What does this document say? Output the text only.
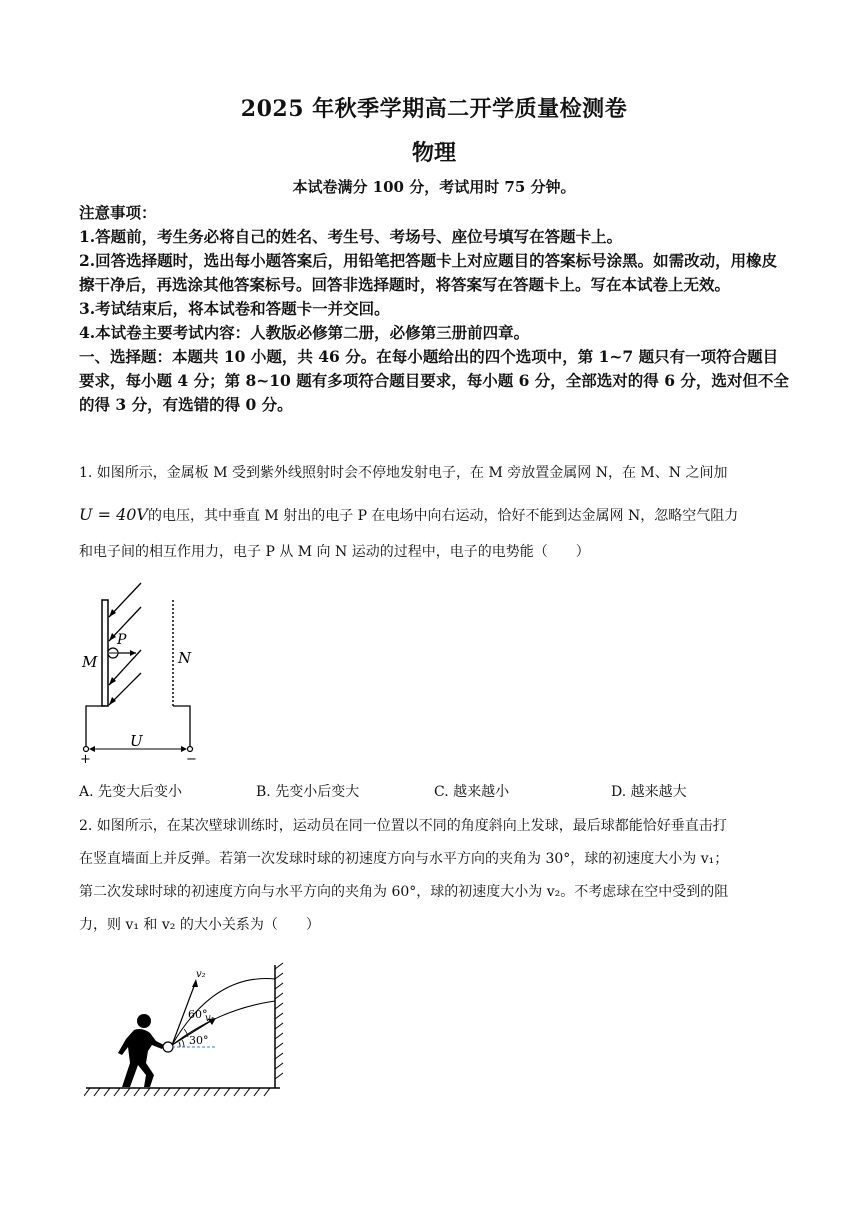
2025 年秋季学期高二开学质量检测卷
物理
本试卷满分 100 分，考试用时 75 分钟。
注意事项：
1.答题前，考生务必将自己的姓名、考生号、考场号、座位号填写在答题卡上。
2.回答选择题时，选出每小题答案后，用铅笔把答题卡上对应题目的答案标号涂黑。如需改动，用橡皮擦干净后，再选涂其他答案标号。回答非选择题时，将答案写在答题卡上。写在本试卷上无效。
3.考试结束后，将本试卷和答题卡一并交回。
4.本试卷主要考试内容：人教版必修第二册，必修第三册前四章。
一、选择题：本题共 10 小题，共 46 分。在每小题给出的四个选项中，第 1~7 题只有一项符合题目要求，每小题 4 分；第 8~10 题有多项符合题目要求，每小题 6 分，全部选对的得 6 分，选对但不全的得 3 分，有选错的得 0 分。
1. 如图所示，金属板 M 受到紫外线照射时会不停地发射电子，在 M 旁放置金属网 N，在 M、N 之间加
U = 40V的电压，其中垂直 M 射出的电子 P 在电场中向右运动，恰好不能到达金属网 N，忽略空气阻力
和电子间的相互作用力，电子 P 从 M 向 N 运动的过程中，电子的电势能（　　）
P
M	N
U
+	−
A. 先变大后变小	B. 先变小后变大	C. 越来越小	D. 越来越大
2. 如图所示，在某次壁球训练时，运动员在同一位置以不同的角度斜向上发球，最后球都能恰好垂直击打
在竖直墙面上并反弹。若第一次发球时球的初速度方向与水平方向的夹角为 30°，球的初速度大小为 v₁；
第二次发球时球的初速度方向与水平方向的夹角为 60°，球的初速度大小为 v₂。不考虑球在空中受到的阻
力，则 v₁ 和 v₂ 的大小关系为（　　）
v₂
v₁
60°
30°
